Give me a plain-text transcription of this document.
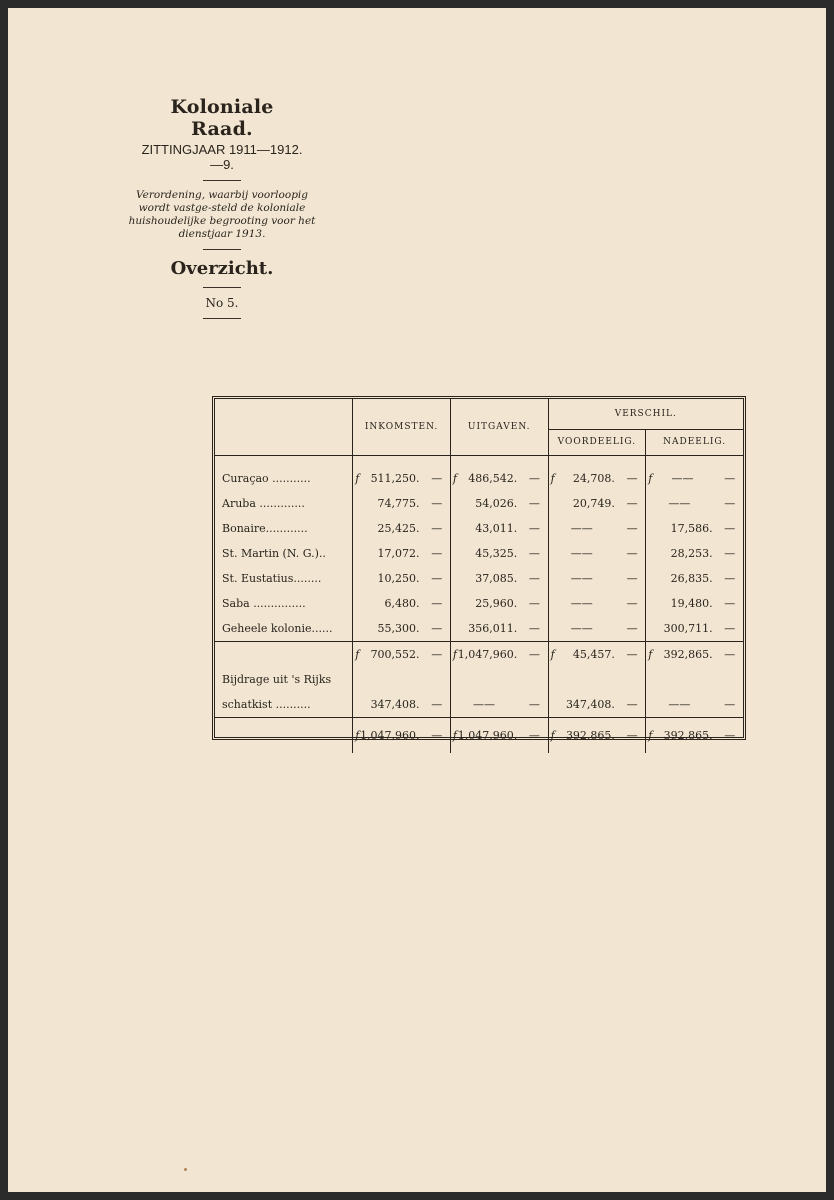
Koloniale Raad.
ZITTINGJAAR 1911—1912.—9.
Verordening, waarbij voorloopig wordt vastge-steld de koloniale huishoudelijke begrooting voor het dienstjaar 1913.
Overzicht.
No 5.
	INKOMSTEN.		UITGAVEN.		VERSCHIL.			
					VOORDEELIG.		NADEELIG.	

Curaçao ...........	f 511,250.	—	f 486,542.	—	f 24,708.	—	f ——	—
Aruba .............	74,775.	—	54,026.	—	20,749.	—	——	—
Bonaire............	25,425.	—	43,011.	—	——	—	17,586.	—
St. Martin (N. G.)..	17,072.	—	45,325.	—	——	—	28,253.	—
St. Eustatius........	10,250.	—	37,085.	—	——	—	26,835.	—
Saba ...............	6,480.	—	25,960.	—	——	—	19,480.	—
Geheele kolonie......	55,300.	—	356,011.	—	——	—	300,711.	—

	f 700,552.	—	f 1,047,960.	—	f 45,457.	—	f 392,865.	—
Bijdrage uit 's Rijks								
schatkist ..........	347,408.	—	——	—	347,408.	—	——	—

	f 1,047,960.	—	f 1,047,960.	—	f 392,865.	—	f 392,865.	—
